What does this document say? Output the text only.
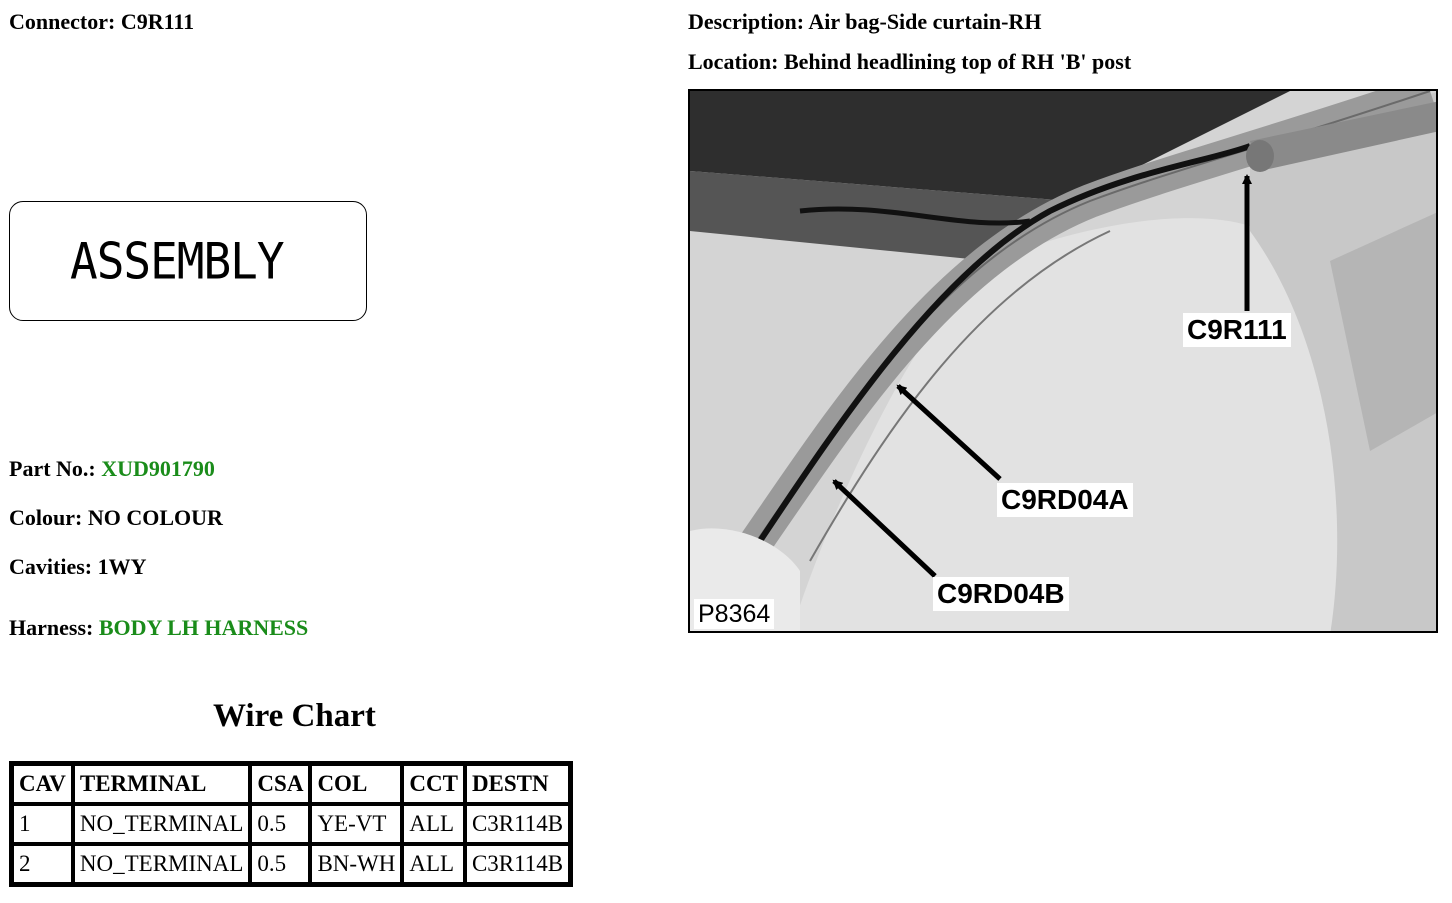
Connector: C9R111	Description: Air bag-Side curtain-RH
Location: Behind headlining top of RH 'B' post
ASSEMBLY
Part No.: XUD901790
Colour: NO COLOUR
Cavities: 1WY
Harness: BODY LH HARNESS
Wire Chart
CAV	TERMINAL	CSA	COL	CCT	DESTN
1	NO_TERMINAL	0.5	YE-VT	ALL	C3R114B
2	NO_TERMINAL	0.5	BN-WH	ALL	C3R114B
C9R111
C9RD04A
C9RD04B
P8364
